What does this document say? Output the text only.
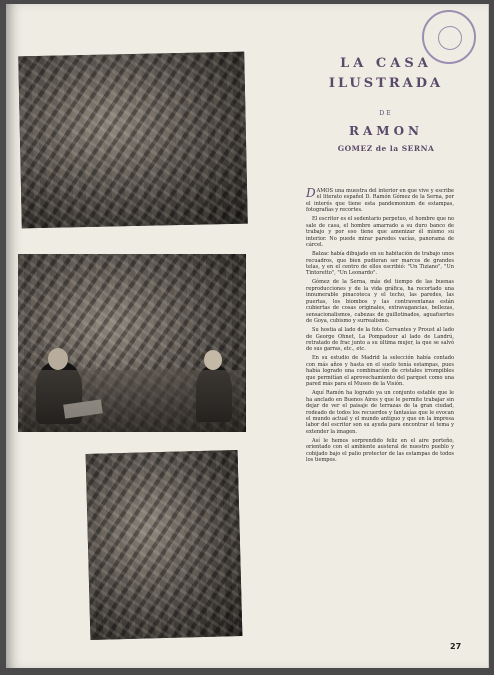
LA CASA
ILUSTRADA
DE
RAMON
GOMEZ de la SERNA

DAMOS una muestra del interior en que vive y escribe el literato español D. Ramón Gómez de la Serna, por el interés que tiene esta pandemonium de estampas, fotografías y recortes.

El escritor es el sedentario perpetuo, el hombre que no sale de casa, el hombre amarrado a su duro banco de trabajo y por eso tiene que amenizar él mismo su interior. No puede mirar paredes vacías, panorama de cárcel.

Balzac había dibujado en su habitación de trabajo unos recuadros, que bien pudieran ser marcos de grandes telas, y en el centro de ellos escribió: "Un Tiziano", "Un Tintoretto", "Un Leonardo".

Gómez de la Serna, más del tiempo de las buenas reproducciones y de la vida gráfica, ha recortado una innumerable pinacoteca y el techo, las paredes, las puertas, los biombos y las contraventanas están cubiertas de cosas originales, extravagancias, bellezas, sensacionalismos, cabezas de guillotinados, aguafuertes de Goya, cubismo y surrealismo.

Su hostia al lado de la foto. Cervantes y Proust al lado de George Ohnet, La Pompadour al lado de Landrú, retratado de frac junto a su última mujer, la que se salvó de sus garras, etc., etc.

En su estudio de Madrid la selección había contado con más años y hasta en el suelo tenía estampas, pues había logrado una combinación de cristales irrompibles que permitían el aprovechamiento del parquet como una pared más para el Museo de la Visión.

Aquí Ramón ha logrado ya un conjunto estable que le ha anclado en Buenos Aires y que le permite trabajar sin dejar de ver el paisaje de terrazas de la gran ciudad, rodeado de todos los recuerdos y fantasías que le evocan el mundo actual y el mundo antiguo y que en la impresa labor del escritor son su ayuda para encontrar el tema y extender la imagen.

Así le hemos sorprendido feliz en el aire porteño, orientado con el ambiente austeral de nuestro pueblo y cobijado bajo el palio protector de las estampas de todos los tiempos.

27
